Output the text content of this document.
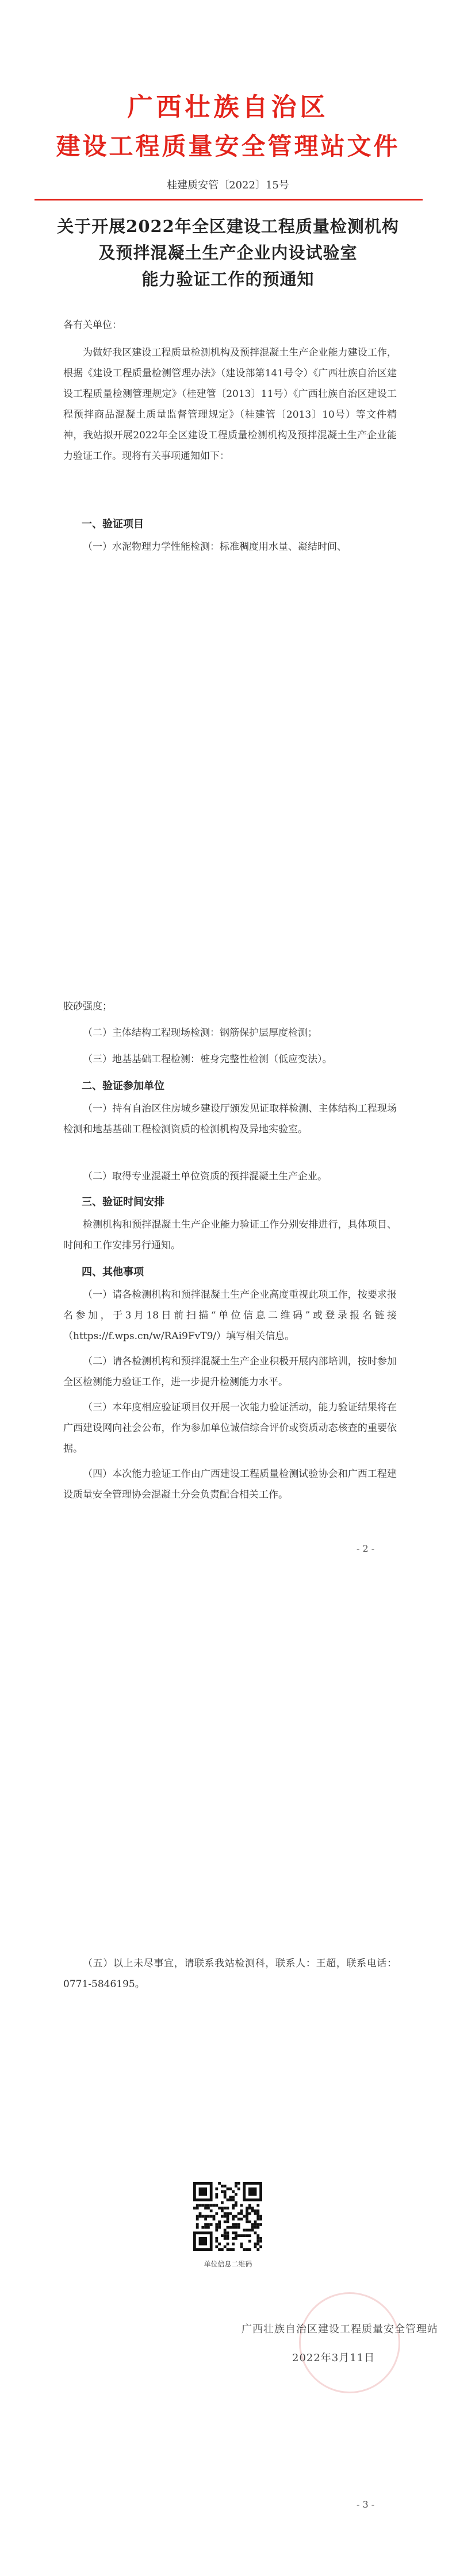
广西壮族自治区
建设工程质量安全管理站文件
桂建质安管〔2022〕15号
关于开展2022年全区建设工程质量检测机构
及预拌混凝土生产企业内设试验室
能力验证工作的预通知
各有关单位：
为做好我区建设工程质量检测机构及预拌混凝土生产企业能力建设工作，根据《建设工程质量检测管理办法》（建设部第141号令）《广西壮族自治区建设工程质量检测管理规定》（桂建管〔2013〕11号）《广西壮族自治区建设工程预拌商品混凝土质量监督管理规定》（桂建管〔2013〕10号）等文件精神，我站拟开展2022年全区建设工程质量检测机构及预拌混凝土生产企业能力验证工作。现将有关事项通知如下：
一、验证项目
（一）水泥物理力学性能检测：标准稠度用水量、凝结时间、
胶砂强度；
（二）主体结构工程现场检测：钢筋保护层厚度检测；
（三）地基基础工程检测：桩身完整性检测（低应变法）。
二、验证参加单位
（一）持有自治区住房城乡建设厅颁发见证取样检测、主体结构工程现场检测和地基基础工程检测资质的检测机构及异地实验室。
（二）取得专业混凝土单位资质的预拌混凝土生产企业。
三、验证时间安排
检测机构和预拌混凝土生产企业能力验证工作分别安排进行，具体项目、时间和工作安排另行通知。
四、其他事项
（一）请各检测机构和预拌混凝土生产企业高度重视此项工作，按要求报名参加，于3月18日前扫描“单位信息二维码”或登录报名链接（https://f.wps.cn/w/RAi9FvT9/）填写相关信息。
（二）请各检测机构和预拌混凝土生产企业积极开展内部培训，按时参加全区检测能力验证工作，进一步提升检测能力水平。
（三）本年度相应验证项目仅开展一次能力验证活动，能力验证结果将在广西建设网向社会公布，作为参加单位诚信综合评价或资质动态核查的重要依据。
（四）本次能力验证工作由广西建设工程质量检测试验协会和广西工程建设质量安全管理协会混凝土分会负责配合相关工作。
- 2 -
（五）以上未尽事宜，请联系我站检测科，联系人：王超，联系电话：0771-5846195。
单位信息二维码
广西壮族自治区建设工程质量安全管理站
2022年3月11日
- 3 -
